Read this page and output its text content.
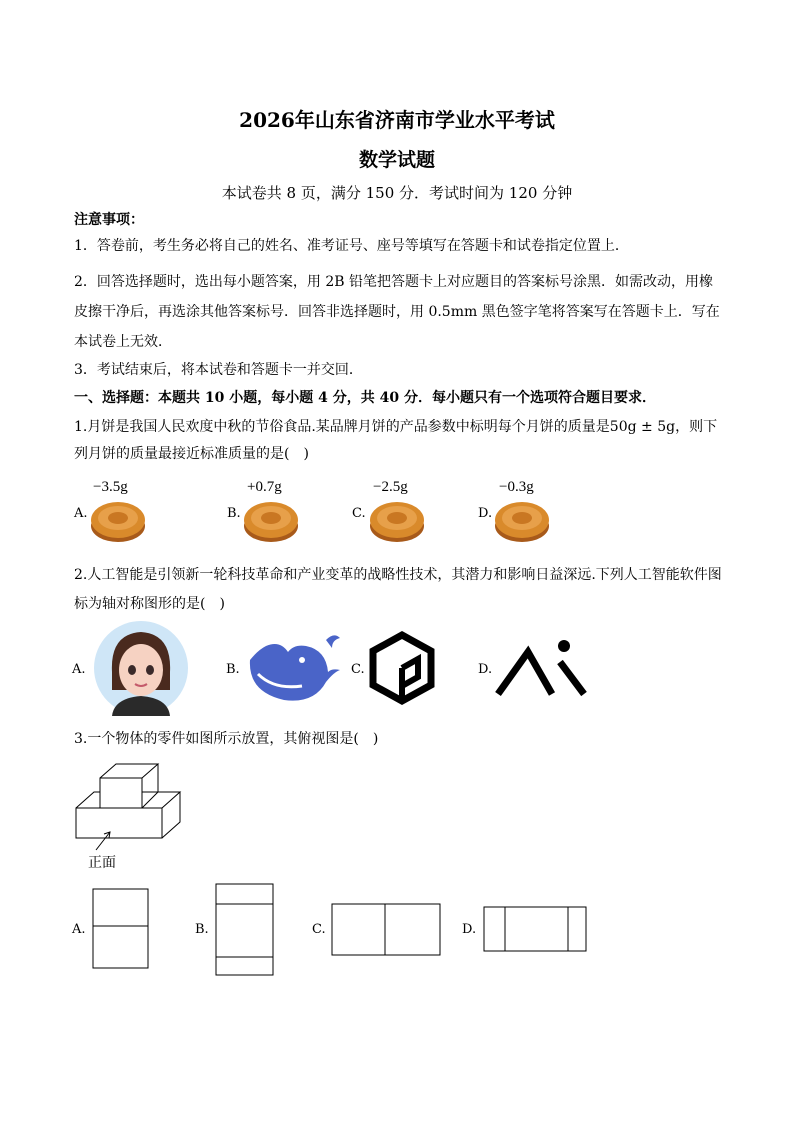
2026年山东省济南市学业水平考试
数学试题
本试卷共 8 页，满分 150 分．考试时间为 120 分钟
注意事项：
1．答卷前，考生务必将自己的姓名、准考证号、座号等填写在答题卡和试卷指定位置上．
2．回答选择题时，选出每小题答案，用 2B 铅笔把答题卡上对应题目的答案标号涂黑．如需改动，用橡皮擦干净后，再选涂其他答案标号．回答非选择题时，用 0.5mm 黑色签字笔将答案写在答题卡上．写在本试卷上无效．
3．考试结束后，将本试卷和答题卡一并交回．
一、选择题：本题共 10 小题，每小题 4 分，共 40 分．每小题只有一个选项符合题目要求．
1.月饼是我国人民欢度中秋的节俗食品.某品牌月饼的产品参数中标明每个月饼的质量是50g ± 5g，则下列月饼的质量最接近标准质量的是(　)
−3.5g
A.
+0.7g
B.
−2.5g
C.
−0.3g
D.
2.人工智能是引领新一轮科技革命和产业变革的战略性技术，其潜力和影响日益深远.下列人工智能软件图标为轴对称图形的是(　)
A.	B.	C.	D.
3.一个物体的零件如图所示放置，其俯视图是(　)
正面
A.	B.	C.	D.
